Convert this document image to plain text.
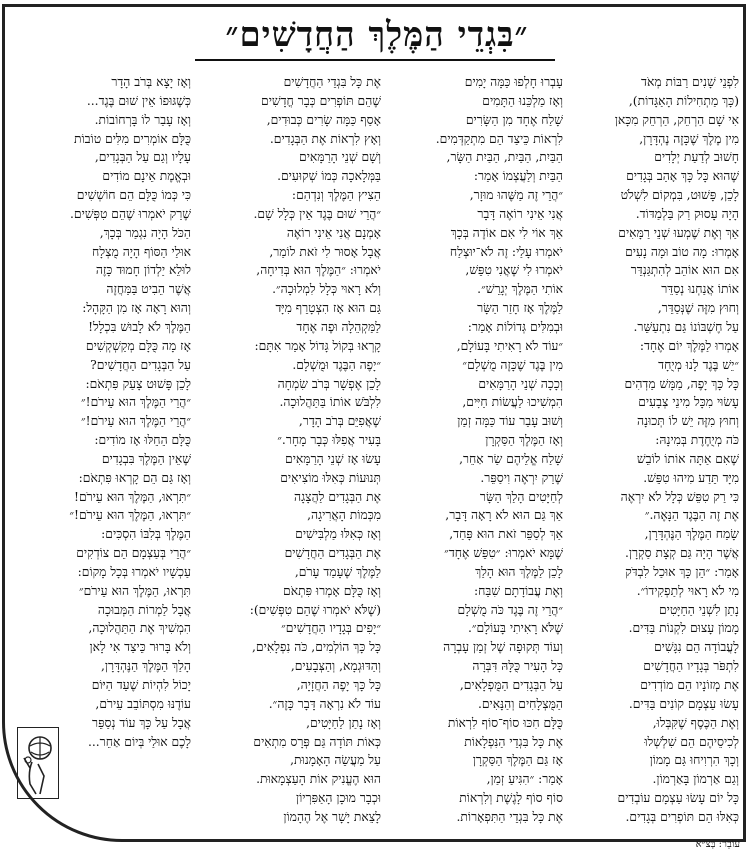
״בִּגְדֵי הַמֶּלֶךְ הַחֲדָשִׁים״
לִפְנֵי שָׁנִים רַבּוֹת מְאֹד
(כָּךְ מַתְחִילוֹת הָאַגָּדוֹת),
אִי שָׁם הַרְחֵק, הַרְחֵק מִכָּאן
מִין מֶלֶךְ שֶׁכָּזֶה נֶהְדָּרָן,
חָשׁוּב לְדַעַת יְלָדִים
שֶׁהוּא כָּל כָּךְ אָהַב בְּגָדִים
לָכֵן, פָּשׁוּט, בִּמְקוֹם לִשְׁלֹט
הָיָה עָסוּק רַק בַּלְמַדּוֹד.
אַךְ וְאֶת שֶׁמְעוּ שְׁנֵי רַמָּאִים
אָמְרוּ: מָה טוֹב וּמָה נָעִים
אִם הוּא אוֹהֵב לְהִתְגַּנְדֵּר
אוֹתוֹ אֲנַחְנוּ נְסַדֵּר
וְחוּץ מִזֶּה שֶׁנְּסַדֵּר,
עַל חֶשְׁבּוֹנוֹ גַּם נִתְעַשֵּׁר.
אָמְרוּ לַמֶּלֶךְ יוֹם אֶחָד:
״יֵשׁ בֶּגֶד לָנוּ מְיֻחָד
כָּל כָּךְ יָפֶה, מַמָּשׁ מַדְהִים
עָשׂוּי מִכָּל מִינֵי צְבָעִים
וְחוּץ מִזֶּה יֵשׁ לוֹ תְּכוּנָה
כֹּה מְיֻחֶדֶת בְּמִינָהּ:
שֶׁאִם אַתָּה אוֹתוֹ לוֹבֵשׁ
מִיָּד תֵּדַע מִיהוּ טִפֵּשׁ.
כִּי רַק טִפֵּשׁ כְּלָל לֹא יִרְאֶה
אֶת זֶה הַבֶּגֶד הַנָּאֶה.״
שָׂמַח הַמֶּלֶךְ הַנֶּהְדָּרָן,
אֲשֶׁר הָיָה גַּם קְצָת סַקְרָן.
אָמַר: ״הֵן כָּךְ אוּכַל לִבְדֹּק
מִי לֹא רָאוּי לְתַפְקִידוֹ״.
נָתַן לִשְׁנֵי הַחַיָּטִים
מָמוֹן עָצוּם לִקְנוֹת בַּדִּים.
לָעֲבוֹדָה הֵם נִגָּשִׁים
לִתְפֹּר בְּגָדָיו הַחֲדָשִׁים
אֶת מְזוֹנָיו הֵם מוֹדְדִים
עָשׂוּ עַצְמָם קוֹנִים בַּדִּים.
וְאֶת הַכֶּסֶף שֶׁקִּבְּלוּ,
לְכִיסֵיהֶם הֵם שִׁלְשְׁלוּ
וְכָךְ הִרְוִיחוּ גַּם מָמוֹן
וְגַם אַרְמוֹן בָּאַרְמוֹן.
כָּל יוֹם עָשׂוּ עַצְמָם עוֹבְדִים
כְּאִלּוּ הֵם תּוֹפְרִים בְּגָדִים.
עָבְרוּ חָלְפוּ כַּמָּה יָמִים
וְאָז מַלְכֵּנוּ הַתָּמִים
שָׁלַח אֶחָד מִן הַשָּׂרִים
לִרְאוֹת כֵּיצַד הֵם מִתְקַדְּמִים.
הַבַּיִת, הַבַּיִת, הַבַּיִת הַשָּׂר,
הַבַּיִת וְלַעֲצְמוֹ אָמַר:
״הֲרֵי זֶה מַשֶּׁהוּ מוּזָר,
אֲנִי אֵינִי רוֹאֶה דָּבָר
אַךְ אוֹי לִי אִם אוֹדֶה בְּכָךְ
יֹאמְרוּ עָלַי: זֶה לֹא־יוּצְלַח
יֹאמְרוּ לִי שֶׁאֲנִי טִפֵּשׁ,
אוֹתִי הַמֶּלֶךְ יְגָרֵשׁ״.
לַמֶּלֶךְ אָז חָזַר הַשָּׂר
וּבְמִלִּים גְּדוֹלוֹת אָמַר:
״עוֹד לֹא רָאִיתִי בָּעוֹלָם,
מִין בֶּגֶד שֶׁכָּזֶה מֻשְׁלָם״
וְכָכָה שְׁנֵי הָרַמָּאִים
הִמְשִׁיכוּ לַעֲשׂוֹת חַיִּים,
וְשׁוּב עָבַר עוֹד כַּמָּה זְמַן
וְאָז הַמֶּלֶךְ הַסַּקְרָן
שָׁלַח אֱלֵיהֶם שַׂר אַחֵר,
שֶׁרַק יִרְאֶה וִיסַפֵּר.
לְחַיָּטִים הָלַךְ הַשָּׂר
אַךְ גַּם הוּא לֹא רָאָה דָּבָר,
אַךְ לְסַפֵּר זֹאת הוּא פָּחַד,
שֶׁמָּא יֹאמְרוּ: ״טִפֵּשׁ אֶחָד״
לָכֵן לַמֶּלֶךְ הוּא הָלַךְ
וְאֶת עֲבוֹדָתָם שִׁבַּח:
״הֲרֵי זֶה בֶּגֶד כֹּה מֻשְׁלָם
שֶׁלֹּא רָאִיתִי בָּעוֹלָם״.
וְעוֹד תְּקוּפָה שֶׁל זְמַן עָבְרָה
כָּל הָעִיר כֻּלָּהּ דִּבְּרָה
עַל הַבְּגָדִים הַמֻּפְלָאִים,
הַמֻּצְלָחִים וְהַנָּאִים.
כֻּלָּם חִכּוּ סוֹף־סוֹף לִרְאוֹת
אֶת כָּל בִּגְדֵי הַנִּפְלָאוֹת
אָז גַּם הַמֶּלֶךְ הַסַּקְרָן
אָמַר: ״הִגִּיעַ זְמַן,
סוֹף סוֹף לָגֶשֶׁת וְלִרְאוֹת
אֶת כָּל בִּגְדֵי הַתִּפְאָרוֹת.
אֶת כָּל בִּגְדֵי הַחֲדָשִׁים
שֶׁהֵם תּוֹפְרִים כְּבָר חֳדָשִׁים
אָסַף כַּמָּה שָׂרִים כְּבוּדִים,
וְאָץ לִרְאוֹת אֶת הַבְּגָדִים.
וְשָׁם שְׁנֵי הָרַמָּאִים
בַּמְּלָאכָה כְּמוֹ שְׁקוּעִים.
הֵצִיץ הַמֶּלֶךְ וְנִדְהַם:
״הֲרֵי שׁוּם בֶּגֶד אֵין כְּלָל שָׁם.
אָמְנָם אֲנִי אֵינִי רוֹאֶה
אֲבָל אָסוּר לִי זֹאת לוֹמַר,
יֹאמְרוּ: ״הַמֶּלֶךְ הוּא בְּדִיחָה,
וְלֹא רָאוּי כְּלָל לִמְלוּכָה״.
גַּם הוּא אָז הִצְטָרֵף מִיָּד
לַמַּקְהֵלָה וּפֶה אֶחָד
קָרְאוּ בְּקוֹל גָּדוֹל אָמַר אִתָּם:
״יָפֶה הַבֶּגֶד וּמֻשְׁלָם.
לָכֵן אֶפְשָׁר בְּרֹב שִׂמְחָה
לִלְבֹּשׁ אוֹתוֹ בַּתַּהֲלוּכָה.
שֶׁאֲפִיֵּם בְּרֹב הָדָר,
בָּעִיר אֲפִלּוּ כְּבָר מָחָר.״
עָשׂוּ אָז שְׁנֵי הָרַמָּאִים
תְּנוּעוֹת כְּאִלּוּ מוֹצִיאִים
אֶת הַבְּגָדִים לַהֲצָגָה
מִכְּמוֹת הָאֲרִיגָה,
וְאָז כְּאִלּוּ מַלְבִּישִׁים
אֶת הַבְּגָדִים הַחֲדָשִׁים
לַמֶּלֶךְ שֶׁעָמַד עָרֹם,
וְאָז כֻּלָּם אָמְרוּ פִּתְאֹם
(שֶׁלֹּא יֹאמְרוּ שֶׁהֵם טִפְּשִׁים):
״יָפִים בְּגָדָיו הַחֲדָשִׁים״
כָּל כָּךְ הוֹלְמִים, כֹּה נִפְלָאִים,
וְהַדּוּגְמָא, וְהַצְּבָעִים,
כָּל כָּךְ יָפֶה הַחֲזָיָה,
עוֹד לֹא נִרְאָה דָּבָר כָּזֶה״.
וְאָז נָתַן לַחַיָּטִים,
כְּאוֹת תּוֹדָה גַּם פְּרָס מִתְאִים
עַל מַעֲשֵׂה הָאָמָנוּת,
הוּא הֶעֱנִיק אוֹת הָעַצְמָאוּת.
וּכְבָר מוּכָן הָאַפִּרְיוֹן
לָצֵאת יָשָׁר אֶל הֶהָמוֹן
וְאָז יָצָא בְּרֹב הָדָר
כְּשֶׁגּוּפוֹ אֵין שׁוּם בֶּגֶד...
וְאָז עָבַר לוֹ בָּרְחוֹבוֹת.
כֻּלָּם אוֹמְרִים מִלִּים טוֹבוֹת
עָלָיו וְגַם עַל הַבְּגָדִים,
וּבְאֱמֶת אֵינָם מוֹדִים
כִּי כְּמוֹ כֻּלָּם הֵם חוֹשְׁשִׁים
שֶׁרַק יֹאמְרוּ שֶׁהֵם טִפְּשִׁים.
הַכֹּל הָיָה נִגְמַר בְּכָךְ,
אוּלַי הַסּוֹף הָיָה מֻצְלָח
לוּלֵא יַלְדוֹן חָמוּד כָּזֶה
אֲשֶׁר הֵבִיט בַּמַּחֲזֶה
וְהוּא רָאָה אָז מִן הַקָּהָל:
הַמֶּלֶךְ לֹא לָבוּשׁ בִּכְלָל!
אָז מָה כֻּלָּם מְקַשְׁקְשִׁים
עַל הַבְּגָדִים הַחֲדָשִׁים?
לָכֵן פָּשׁוּט צָעַק פִּתְאֹם:
״הֲרֵי הַמֶּלֶךְ הוּא עֵירֹם!״
״הֲרֵי הַמֶּלֶךְ הוּא עֵירֹם!״
כֻּלָּם הֵחֵלּוּ אָז מוֹדִים:
שֶׁאֵין הַמֶּלֶךְ בִּבְגָדִים
וְאָז גַּם הֵם קָרְאוּ פִּתְאֹם:
״תִּרְאוּ, הַמֶּלֶךְ הוּא עֵירֹם!
״תִּרְאוּ, הַמֶּלֶךְ הוּא עֵירֹם!״
הַמֶּלֶךְ בְּלִבּוֹ הִסְכִּים:
״הֲרֵי בְּעַצְמָם הֵם צוֹדְקִים
עַכְשָׁיו יֹאמְרוּ בְּכָל מָקוֹם:
תִּרְאוּ, הַמֶּלֶךְ הוּא עֵירֹם״
אֲבָל לַמְרוֹת הַמְּבוּכָה
הִמְשִׁיךְ אֶת הַתַּהֲלוּכָה,
וְלֹא בָּרוּר כֵּיצַד אִי לָאן
הָלַךְ הַמֶּלֶךְ הַנֶּהְדָּרָן,
יָכוֹל לִהְיוֹת שֶׁעַד הַיּוֹם
עוֹדֶנּוּ מִסְתּוֹבֵב עֵירֹם,
אֲבָל עַל כָּךְ עוֹד נְסַפֵּר
לָכֶם אוּלַי בְּיוֹם אַחֵר...
עוֹבֵר: בְּצ״א
